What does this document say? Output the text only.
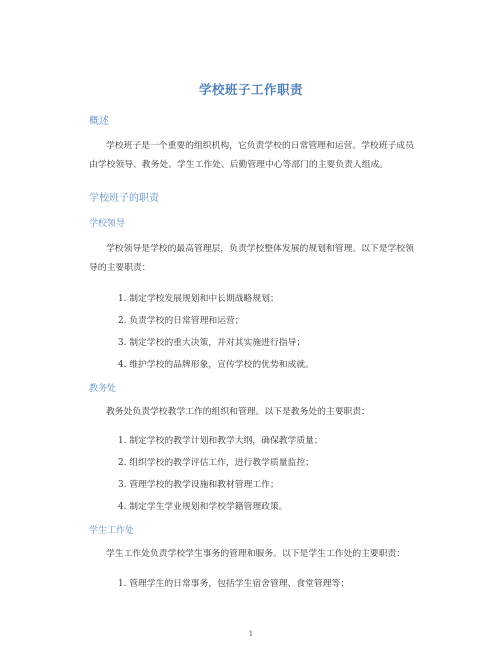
学校班子工作职责
概述

学校班子是一个重要的组织机构，它负责学校的日常管理和运营。学校班子成员由学校领导、教务处、学生工作处、后勤管理中心等部门的主要负责人组成。

学校班子的职责
学校领导

学校领导是学校的最高管理层，负责学校整体发展的规划和管理。以下是学校领导的主要职责：

1. 制定学校发展规划和中长期战略规划；
2. 负责学校的日常管理和运营；
3. 制定学校的重大决策，并对其实施进行指导；
4. 维护学校的品牌形象，宣传学校的优势和成就。
教务处

教务处负责学校教学工作的组织和管理。以下是教务处的主要职责：

1. 制定学校的教学计划和教学大纲，确保教学质量；
2. 组织学校的教学评估工作，进行教学质量监控；
3. 管理学校的教学设施和教材管理工作；
4. 制定学生学业规划和学校学籍管理政策。
学生工作处

学生工作处负责学校学生事务的管理和服务。以下是学生工作处的主要职责：

1. 管理学生的日常事务，包括学生宿舍管理、食堂管理等；
1
